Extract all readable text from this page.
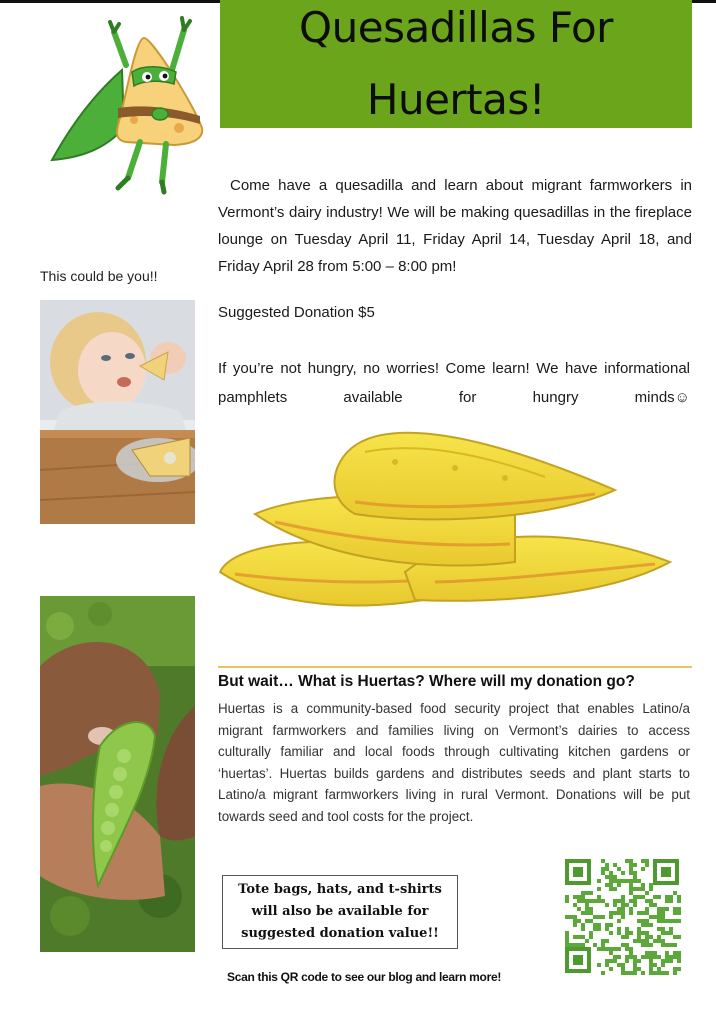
Quesadillas For
Huertas!
This could be you!!

Come have a quesadilla and learn about migrant farmworkers in Vermont’s dairy industry! We will be making quesadillas in the fireplace lounge on Tuesday April 11, Friday April 14, Tuesday April 18, and Friday April 28 from 5:00 – 8:00 pm!

Suggested Donation $5
If you’re not hungry, no worries! Come learn! We have informational pamphlets available for hungry minds☺
But wait… What is Huertas? Where will my donation go?

Huertas is a community-based food security project that enables Latino/a migrant farmworkers and families living on Vermont’s dairies to access culturally familiar and local foods through cultivating kitchen gardens or ‘huertas’. Huertas builds gardens and distributes seeds and plant starts to Latino/a migrant farmworkers living in rural Vermont. Donations will be put towards seed and tool costs for the project.

Tote bags, hats, and t-shirts
will also be available for
suggested donation value!!
Scan this QR code to see our blog and learn more!
